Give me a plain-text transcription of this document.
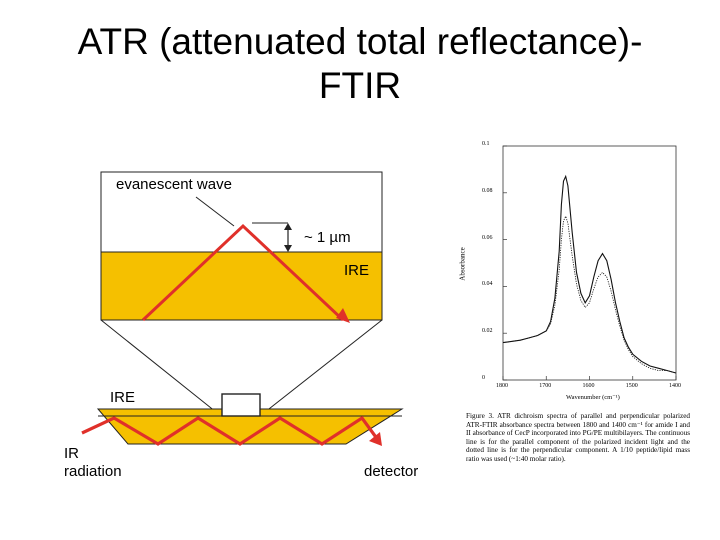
ATR (attenuated total reflectance)-
FTIR
evanescent wave
~ 1 µm
IRE
IRE
IR
radiation	detector
0
0.02
0.04
0.06
0.08
0.1
1800	1700	1600	1500	1400
Wavenumber (cm⁻¹)
Absorbance
Figure 3. ATR dichroism spectra of parallel and perpendicular polarized ATR-FTIR absorbance spectra between 1800 and 1400 cm⁻¹ for amide I and II absorbance of CecP incorporated into PG/PE multibilayers. The continuous line is for the parallel component of the polarized incident light and the dotted line is for the perpendicular component. A 1/10 peptide/lipid mass ratio was used (~1:40 molar ratio).
